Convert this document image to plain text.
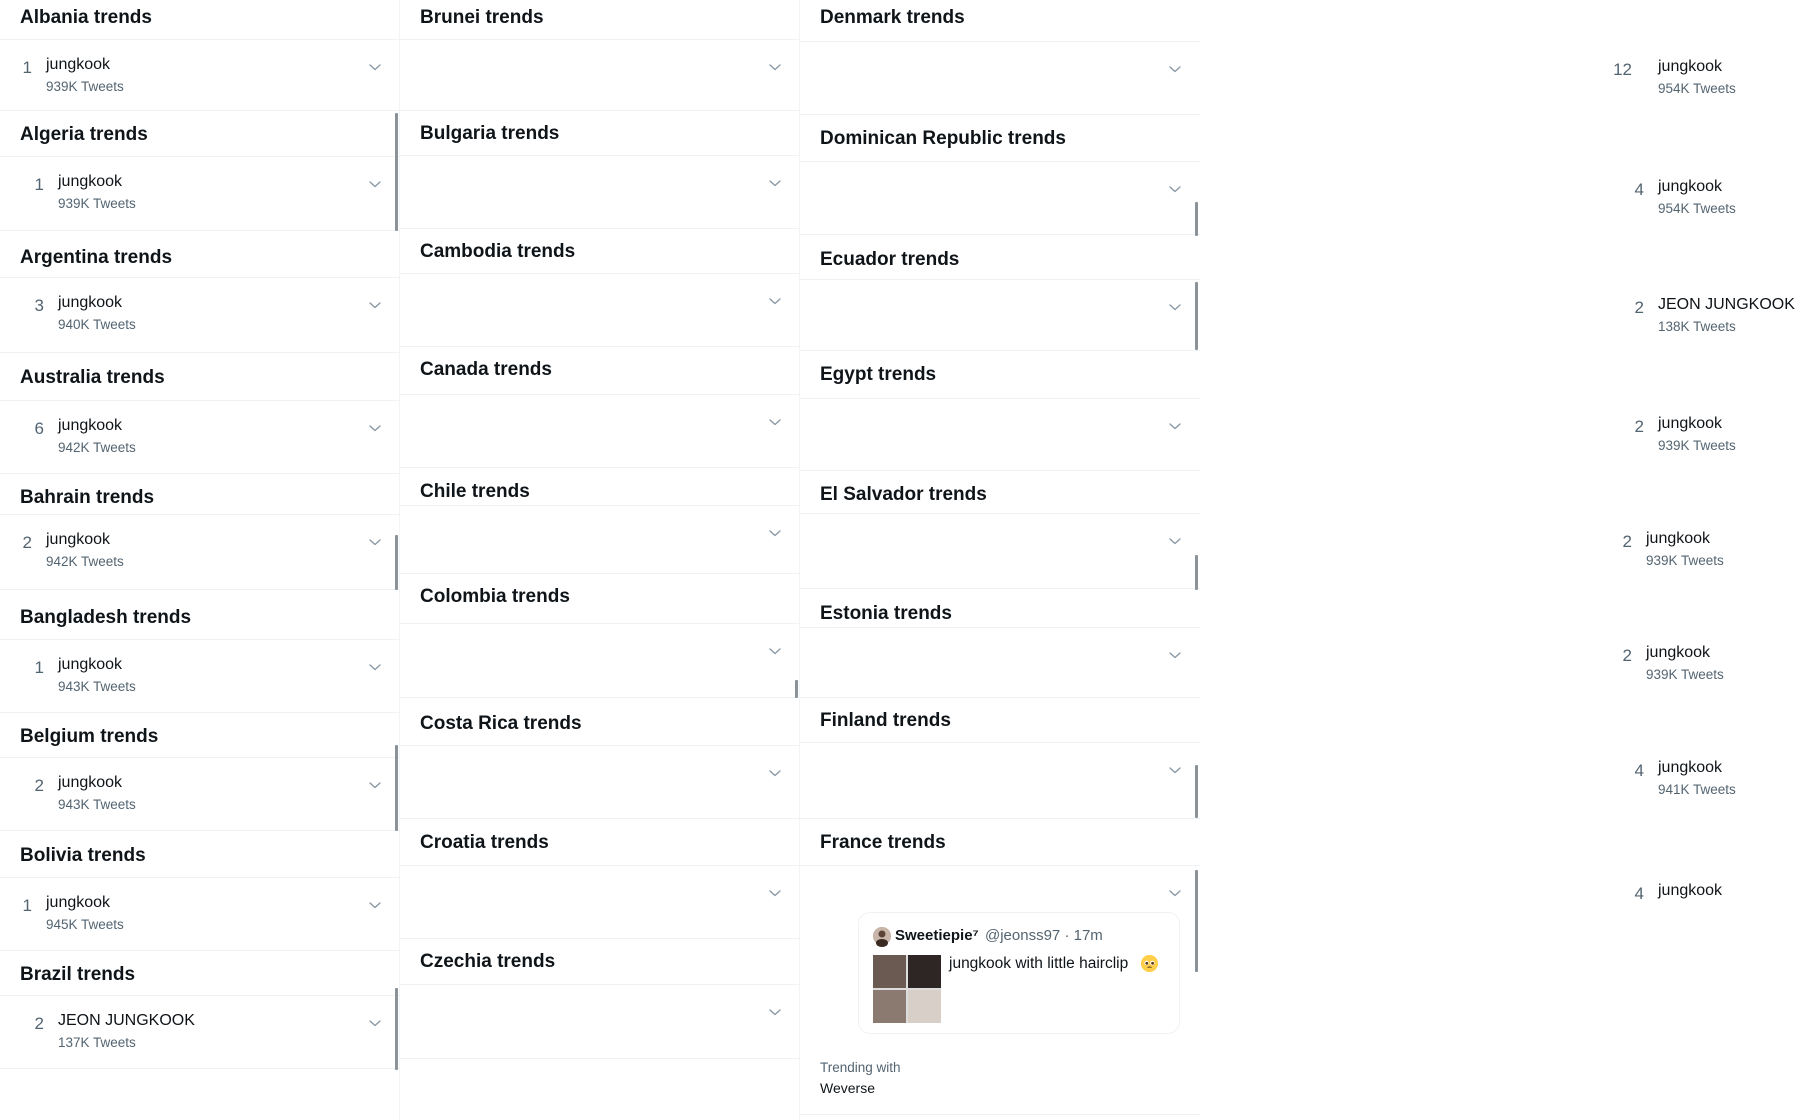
Albania trends
1 jungkook
939K Tweets
Algeria trends
1 jungkook
939K Tweets
Argentina trends
3 jungkook
940K Tweets
Australia trends
6 jungkook
942K Tweets
Bahrain trends
2 jungkook
942K Tweets
Bangladesh trends
1 jungkook
943K Tweets
Belgium trends
2 jungkook
943K Tweets
Bolivia trends
1 jungkook
945K Tweets
Brazil trends
2 JEON JUNGKOOK
137K Tweets
Brunei trends
Bulgaria trends
Cambodia trends
Canada trends
Chile trends
Colombia trends
Costa Rica trends
Croatia trends
Czechia trends
Denmark trends
12 jungkook
954K Tweets
Dominican Republic trends
4 jungkook
954K Tweets
Ecuador trends
2 JEON JUNGKOOK
138K Tweets
Egypt trends
2 jungkook
939K Tweets
El Salvador trends
2 jungkook
939K Tweets
Estonia trends
2 jungkook
939K Tweets
Finland trends
4 jungkook
941K Tweets
France trends
4 jungkook
Sweetiepie⁷ @jeonss97 · 17m
jungkook with little hairclip
Trending with
Weverse
